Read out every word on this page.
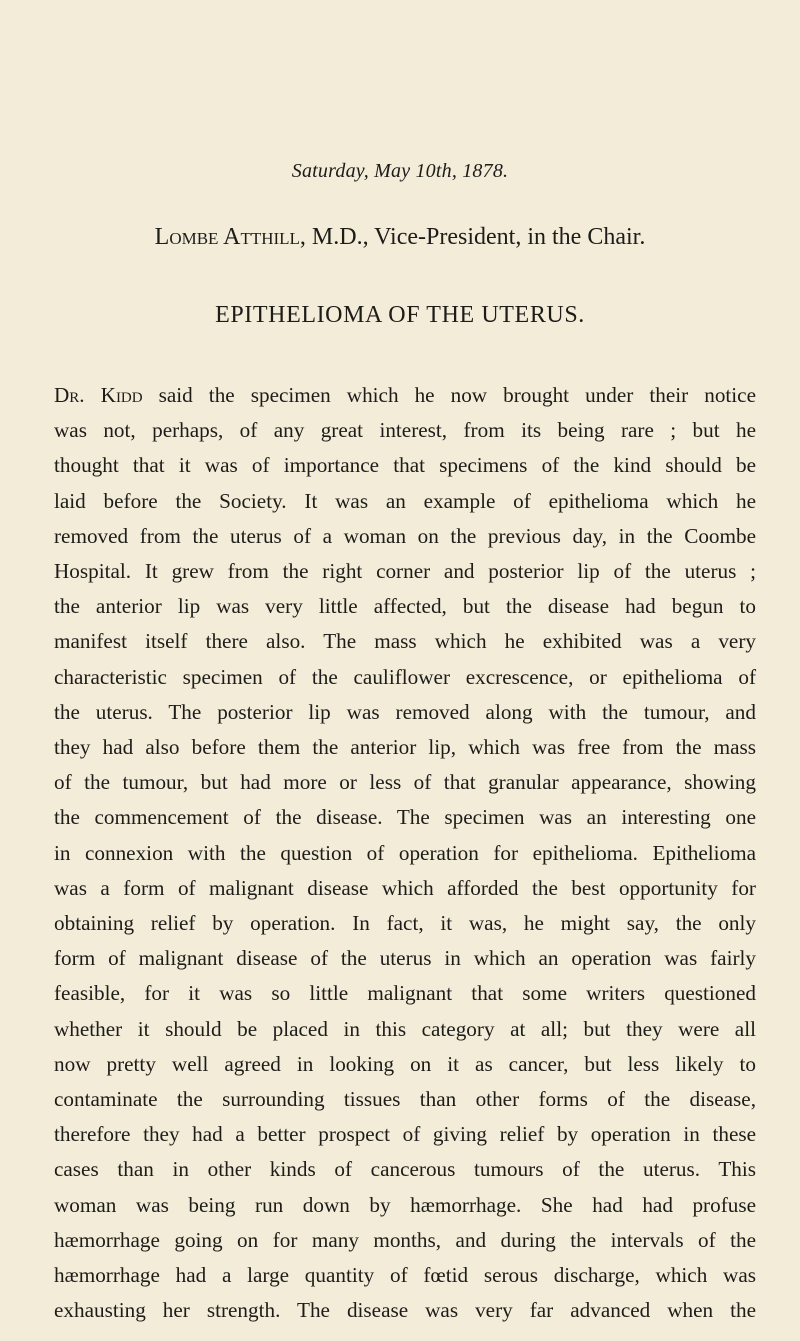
Saturday, May 10th, 1878.
Lombe Atthill, M.D., Vice-President, in the Chair.
EPITHELIOMA OF THE UTERUS.
Dr. Kidd said the specimen which he now brought under their notice
was not, perhaps, of any great interest, from its being rare ; but he
thought that it was of importance that specimens of the kind should be
laid before the Society. It was an example of epithelioma which he
removed from the uterus of a woman on the previous day, in the Coombe
Hospital. It grew from the right corner and posterior lip of the uterus ;
the anterior lip was very little affected, but the disease had begun to
manifest itself there also. The mass which he exhibited was a very
characteristic specimen of the cauliflower excrescence, or epithelioma of
the uterus. The posterior lip was removed along with the tumour, and
they had also before them the anterior lip, which was free from the mass
of the tumour, but had more or less of that granular appearance, showing
the commencement of the disease. The specimen was an interesting one
in connexion with the question of operation for epithelioma. Epithelioma
was a form of malignant disease which afforded the best opportunity for
obtaining relief by operation. In fact, it was, he might say, the only
form of malignant disease of the uterus in which an operation was fairly
feasible, for it was so little malignant that some writers questioned
whether it should be placed in this category at all; but they were all
now pretty well agreed in looking on it as cancer, but less likely to
contaminate the surrounding tissues than other forms of the disease,
therefore they had a better prospect of giving relief by operation in these
cases than in other kinds of cancerous tumours of the uterus. This
woman was being run down by hæmorrhage. She had had profuse
hæmorrhage going on for many months, and during the intervals of the
hæmorrhage had a large quantity of fœtid serous discharge, which was
exhausting her strength. The disease was very far advanced when the
